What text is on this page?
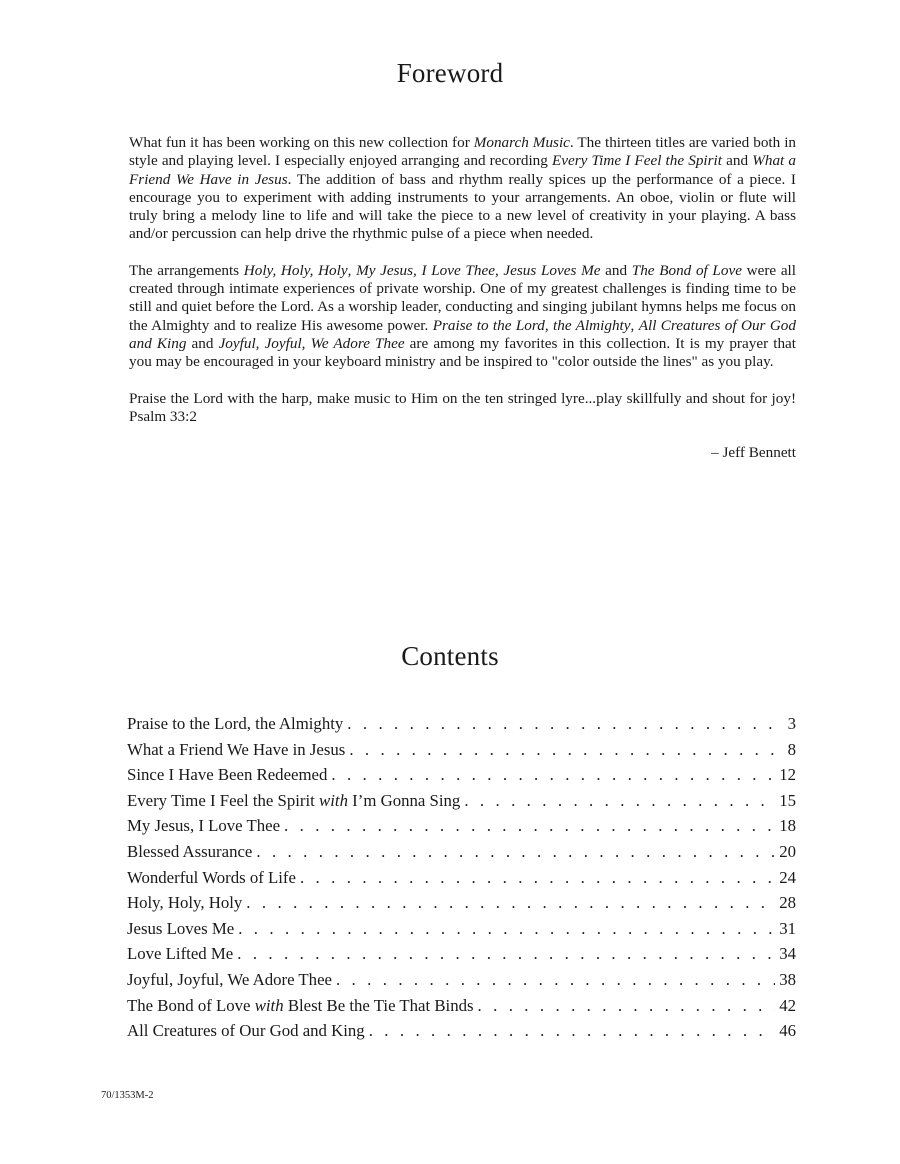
Foreword

What fun it has been working on this new collection for Monarch Music. The thirteen titles are varied both in style and playing level. I especially enjoyed arranging and recording Every Time I Feel the Spirit and What a Friend We Have in Jesus. The addition of bass and rhythm really spices up the performance of a piece. I encourage you to experiment with adding instruments to your arrangements. An oboe, violin or flute will truly bring a melody line to life and will take the piece to a new level of creativity in your playing. A bass and/or percussion can help drive the rhythmic pulse of a piece when needed.

The arrangements Holy, Holy, Holy, My Jesus, I Love Thee, Jesus Loves Me and The Bond of Love were all created through intimate experiences of private worship. One of my greatest challenges is finding time to be still and quiet before the Lord. As a worship leader, conducting and singing jubilant hymns helps me focus on the Almighty and to realize His awesome power. Praise to the Lord, the Almighty, All Creatures of Our God and King and Joyful, Joyful, We Adore Thee are among my favorites in this collection. It is my prayer that you may be encouraged in your keyboard ministry and be inspired to "color outside the lines" as you play.

Praise the Lord with the harp, make music to Him on the ten stringed lyre...play skillfully and shout for joy! Psalm 33:2

– Jeff Bennett
Contents
Praise to the Lord, the Almighty . . .	3
What a Friend We Have in Jesus . . .	8
Since I Have Been Redeemed . . .	12
Every Time I Feel the Spirit with I’m Gonna Sing . . .	15
My Jesus, I Love Thee . . .	18
Blessed Assurance . . .	20
Wonderful Words of Life . . .	24
Holy, Holy, Holy . . .	28
Jesus Loves Me . . .	31
Love Lifted Me . . .	34
Joyful, Joyful, We Adore Thee . . .	38
The Bond of Love with Blest Be the Tie That Binds . . .	42
All Creatures of Our God and King . . .	46
70/1353M-2
